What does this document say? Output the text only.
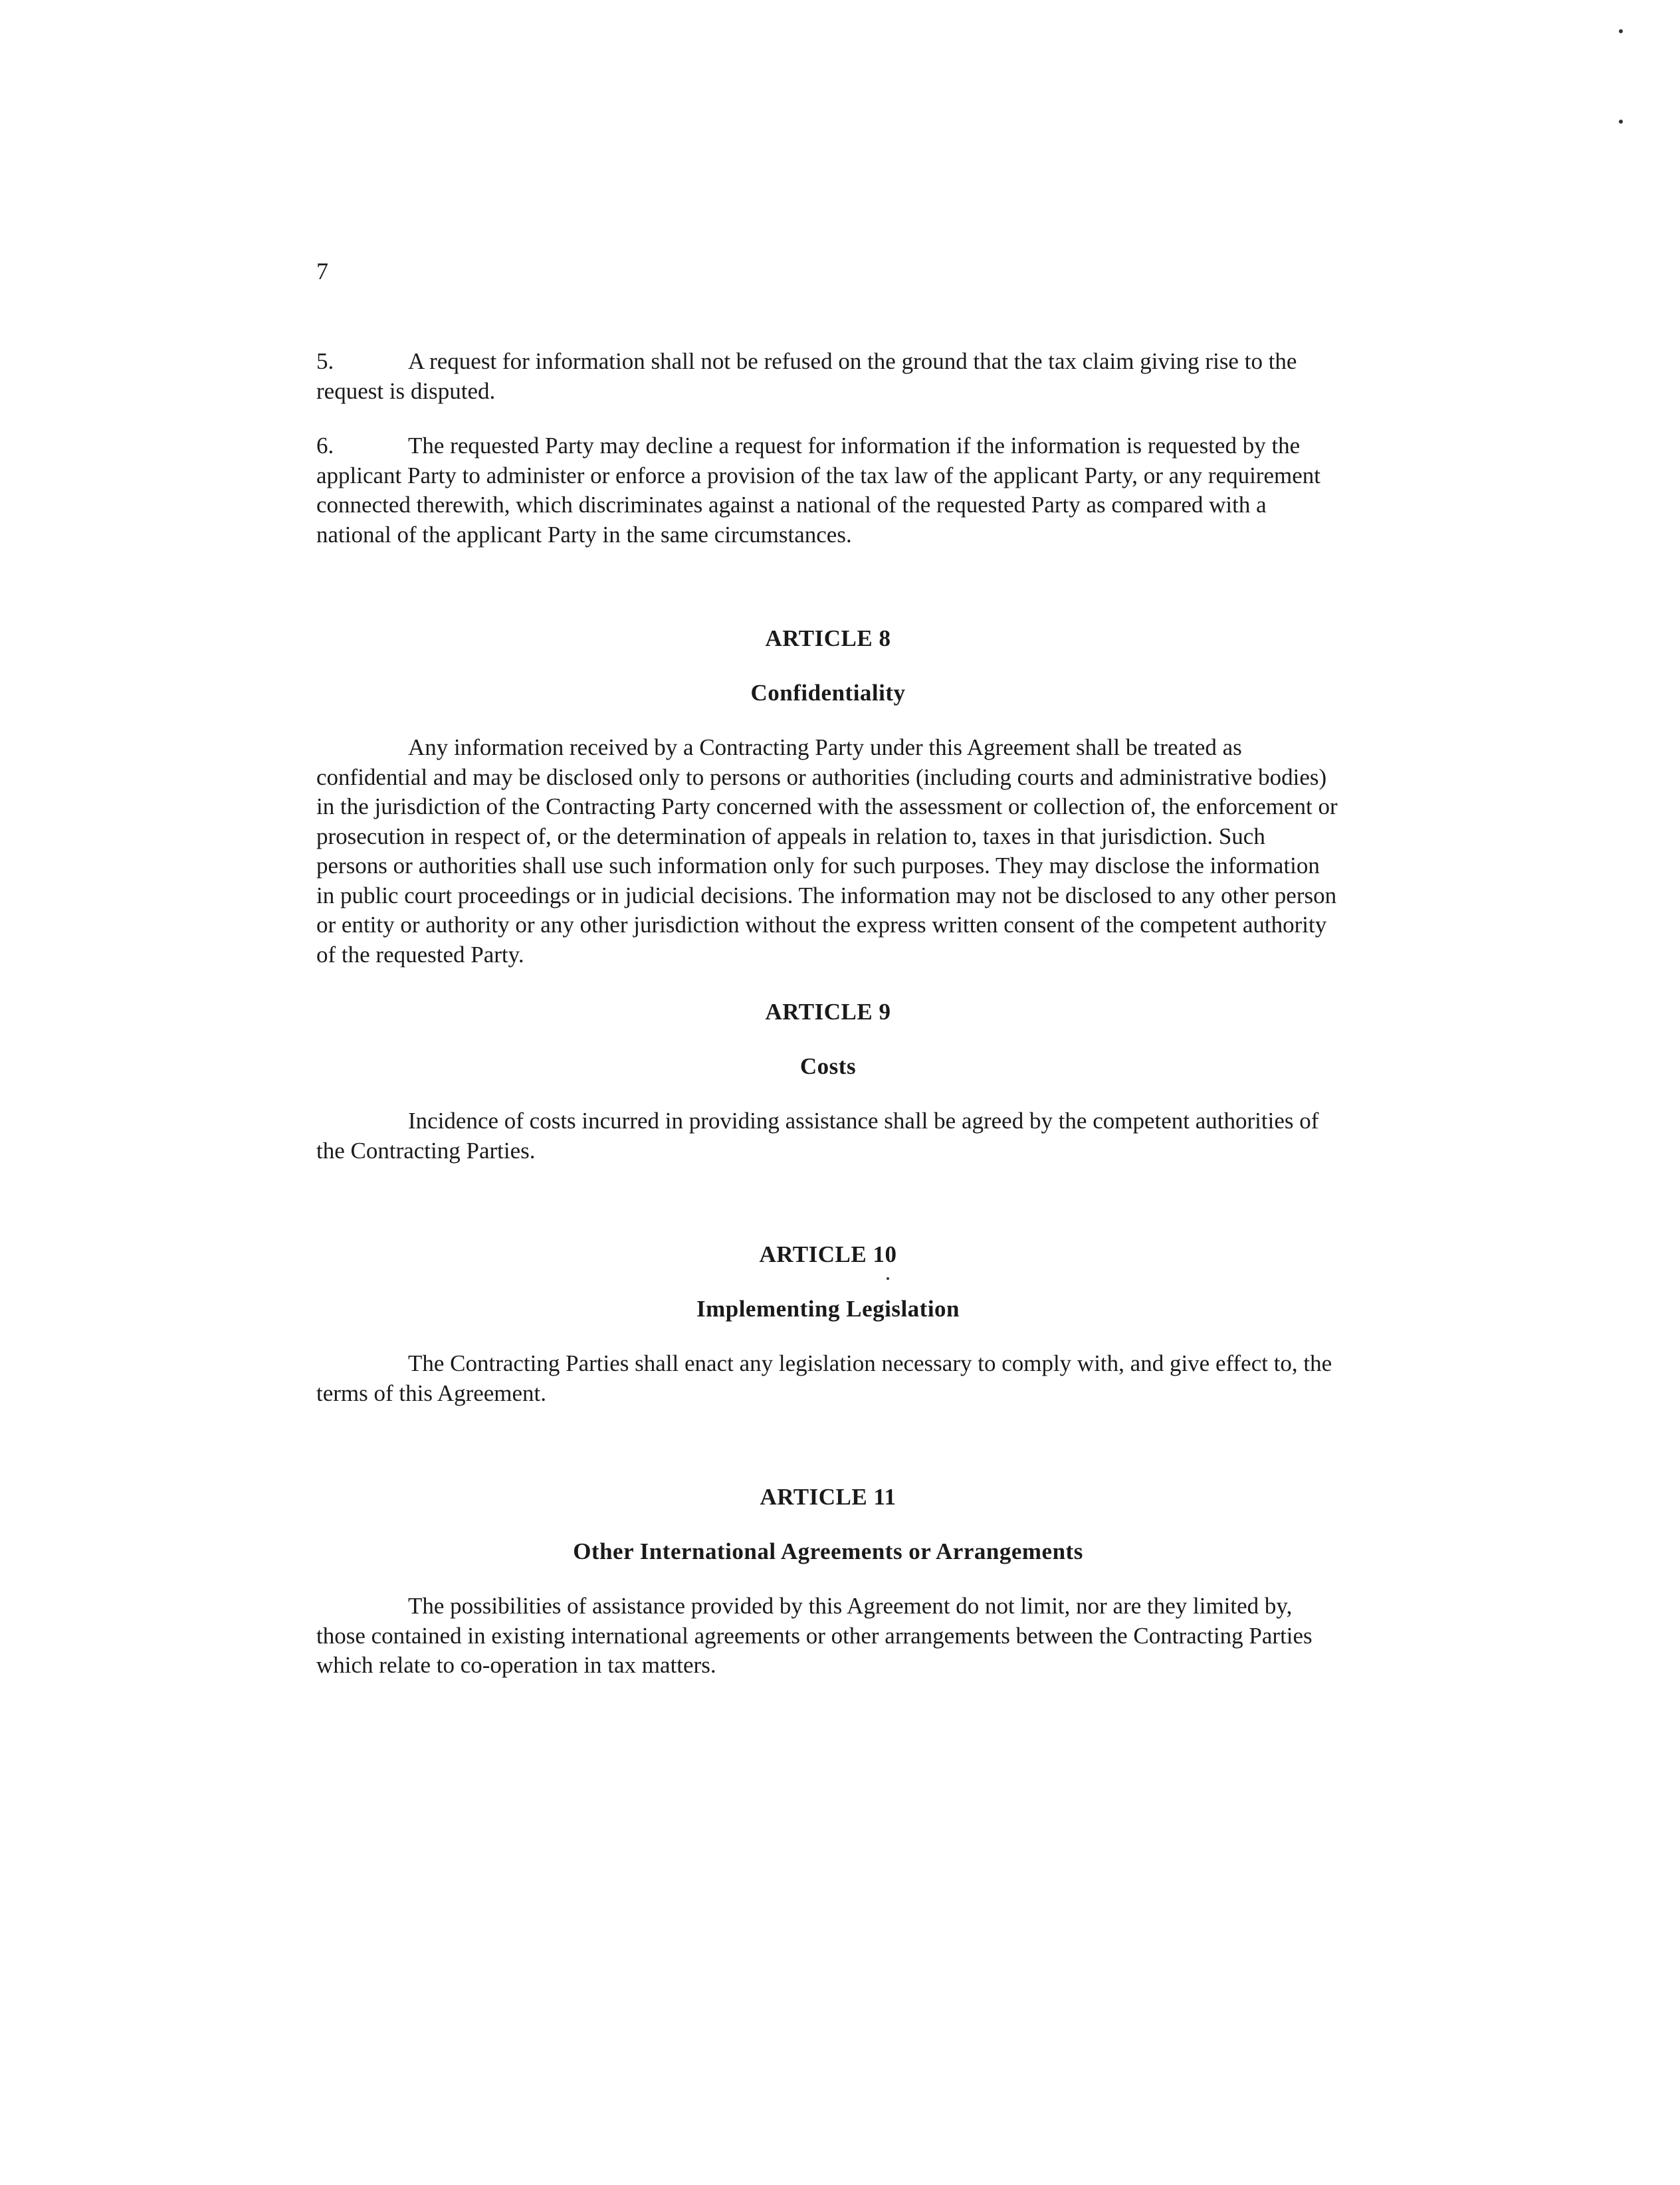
7

5.	A request for information shall not be refused on the ground that the tax claim giving rise to the request is disputed.

6.	The requested Party may decline a request for information if the information is requested by the applicant Party to administer or enforce a provision of the tax law of the applicant Party, or any requirement connected therewith, which discriminates against a national of the requested Party as compared with a national of the applicant Party in the same circumstances.

ARTICLE 8

Confidentiality

Any information received by a Contracting Party under this Agreement shall be treated as confidential and may be disclosed only to persons or authorities (including courts and administrative bodies) in the jurisdiction of the Contracting Party concerned with the assessment or collection of, the enforcement or prosecution in respect of, or the determination of appeals in relation to, taxes in that jurisdiction. Such persons or authorities shall use such information only for such purposes. They may disclose the information in public court proceedings or in judicial decisions. The information may not be disclosed to any other person or entity or authority or any other jurisdiction without the express written consent of the competent authority of the requested Party.

ARTICLE 9

Costs

Incidence of costs incurred in providing assistance shall be agreed by the competent authorities of the Contracting Parties.

ARTICLE 10

Implementing Legislation

The Contracting Parties shall enact any legislation necessary to comply with, and give effect to, the terms of this Agreement.

ARTICLE 11

Other International Agreements or Arrangements

The possibilities of assistance provided by this Agreement do not limit, nor are they limited by, those contained in existing international agreements or other arrangements between the Contracting Parties which relate to co-operation in tax matters.
